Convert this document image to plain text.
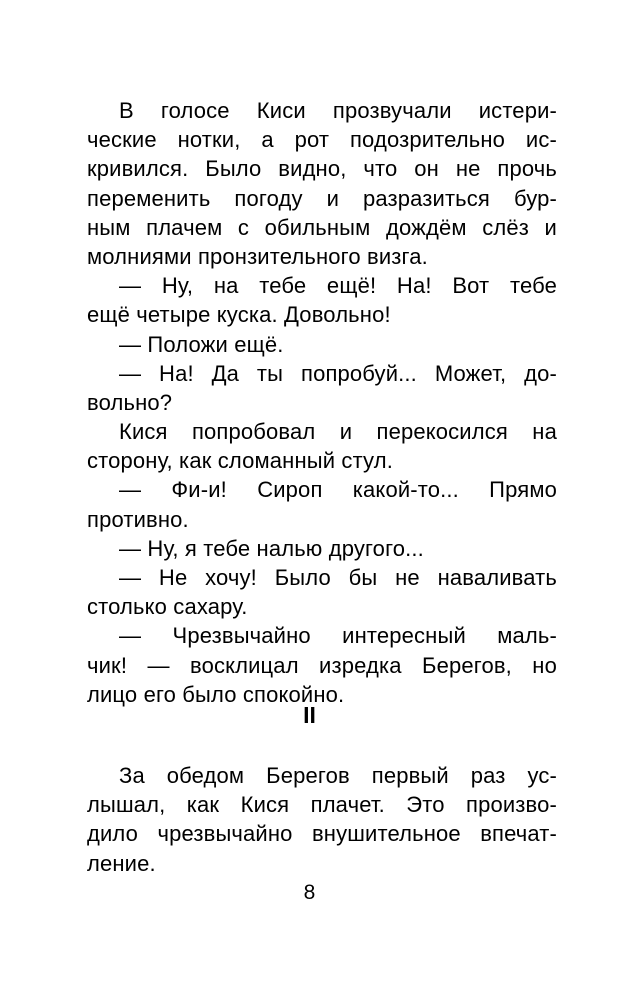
В голосе Киси прозвучали истери-
ческие нотки, а рот подозрительно ис-
кривился. Было видно, что он не прочь
переменить погоду и разразиться бур-
ным плачем с обильным дождём слёз и
молниями пронзительного визга.
— Ну, на тебе ещё! На! Вот тебе
ещё четыре куска. Довольно!
— Положи ещё.
— На! Да ты попробуй... Может, до-
вольно?
Кися попробовал и перекосился на
сторону, как сломанный стул.
— Фи-и! Сироп какой-то... Прямо
противно.
— Ну, я тебе налью другого...
— Не хочу! Было бы не наваливать
столько сахару.
— Чрезвычайно интересный маль-
чик! — восклицал изредка Берегов, но
лицо его было спокойно.
II
За обедом Берегов первый раз ус-
лышал, как Кися плачет. Это произво-
дило чрезвычайно внушительное впечат-
ление.
8
